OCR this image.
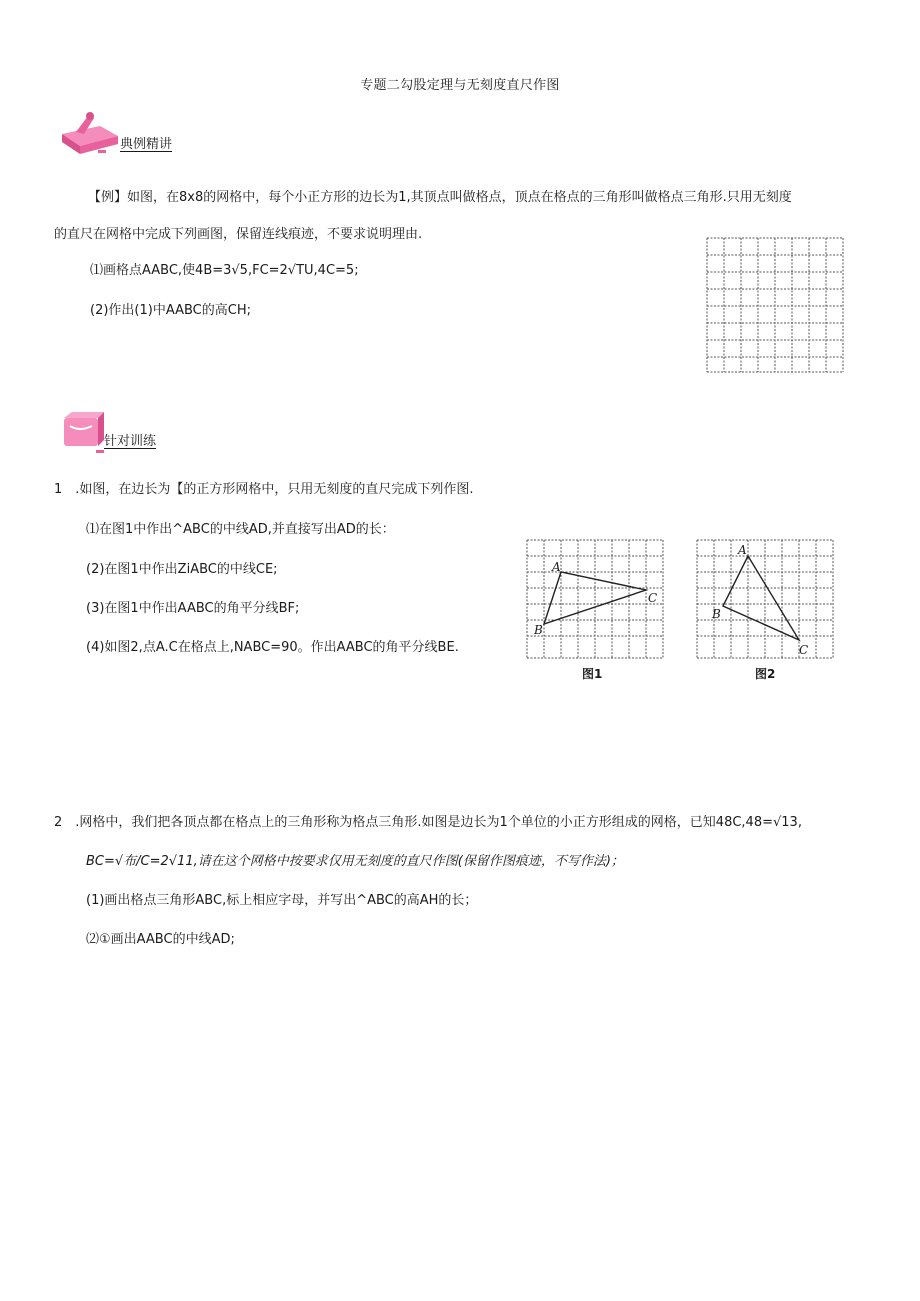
专题二勾股定理与无刻度直尺作图
典例精讲
【例】如图，在8x8的网格中，每个小正方形的边长为1,其顶点叫做格点，顶点在格点的三角形叫做格点三角形.只用无刻度
的直尺在网格中完成下列画图，保留连线痕迹，不要求说明理由.
⑴画格点AABC,使4B=3√5,FC=2√TU,4C=5;
(2)作出(1)中AABC的高CH;
针对训练
1　.如图，在边长为【的正方形网格中，只用无刻度的直尺完成下列作图.
⑴在图1中作出^ABC的中线AD,并直接写出AD的长：
(2)在图1中作出ZiABC的中线CE;
(3)在图1中作出AABC的角平分线BF;
(4)如图2,点A.C在格点上,NABC=90。作出AABC的角平分线BE.
A
B
C
图1
A
B
C
图2
2　.网格中，我们把各顶点都在格点上的三角形称为格点三角形.如图是边长为1个单位的小正方形组成的网格，已知48C,48=√13,
BC=√布/C=2√11,请在这个网格中按要求仅用无刻度的直尺作图(保留作图痕迹，不写作法)；
(1)画出格点三角形ABC,标上相应字母，并写出^ABC的高AH的长；
⑵①画出AABC的中线AD;
